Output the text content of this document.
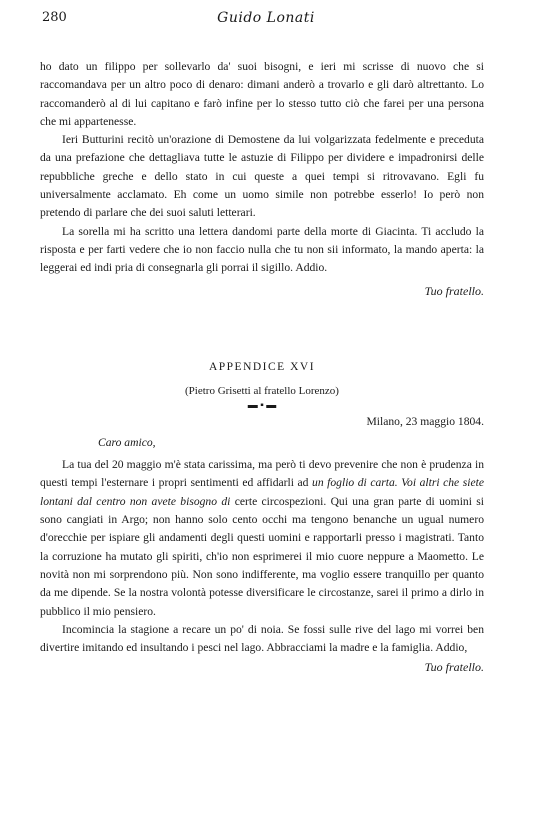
280	Guido Lonati

ho dato un filippo per sollevarlo da' suoi bisogni, e ieri mi scrisse di nuovo che si raccomandava per un altro poco di denaro: dimani anderò a trovarlo e gli darò altrettanto. Lo raccomanderò al di lui capitano e farò infine per lo stesso tutto ciò che farei per una persona che mi appartenesse.

Ieri Butturini recitò un'orazione di Demostene da lui volgarizzata fedelmente e preceduta da una prefazione che dettagliava tutte le astuzie di Filippo per dividere e impadronirsi delle repubbliche greche e dello stato in cui queste a quei tempi si ritrovavano. Egli fu universalmente acclamato. Eh come un uomo simile non potrebbe esserlo! Io però non pretendo di parlare che dei suoi saluti letterari.

La sorella mi ha scritto una lettera dandomi parte della morte di Giacinta. Ti accludo la risposta e per farti vedere che io non faccio nulla che tu non sii informato, la mando aperta: la leggerai ed indi pria di consegnarla gli porrai il sigillo. Addio.

Tuo fratello.

APPENDICE XVI

(Pietro Grisetti al fratello Lorenzo)

▬ ▪ ▬

Milano, 23 maggio 1804.

Caro amico,

La tua del 20 maggio m'è stata carissima, ma però ti devo prevenire che non è prudenza in questi tempi l'esternare i propri sentimenti ed affidarli ad un foglio di carta. Voi altri che siete lontani dal centro non avete bisogno di certe circospezioni. Qui una gran parte di uomini si sono cangiati in Argo; non hanno solo cento occhi ma tengono benanche un ugual numero d'orecchie per ispiare gli andamenti degli questi uomini e rapportarli presso i magistrati. Tanto la corruzione ha mutato gli spiriti, ch'io non esprimerei il mio cuore neppure a Maometto. Le novità non mi sorprendono più. Non sono indifferente, ma voglio essere tranquillo per quanto da me dipende. Se la nostra volontà potesse diversificare le circostanze, sarei il primo a dirlo in pubblico il mio pensiero.

Incomincia la stagione a recare un po' di noia. Se fossi sulle rive del lago mi vorrei ben divertire imitando ed insultando i pesci nel lago. Abbracciami la madre e la famiglia. Addio,

Tuo fratello.
